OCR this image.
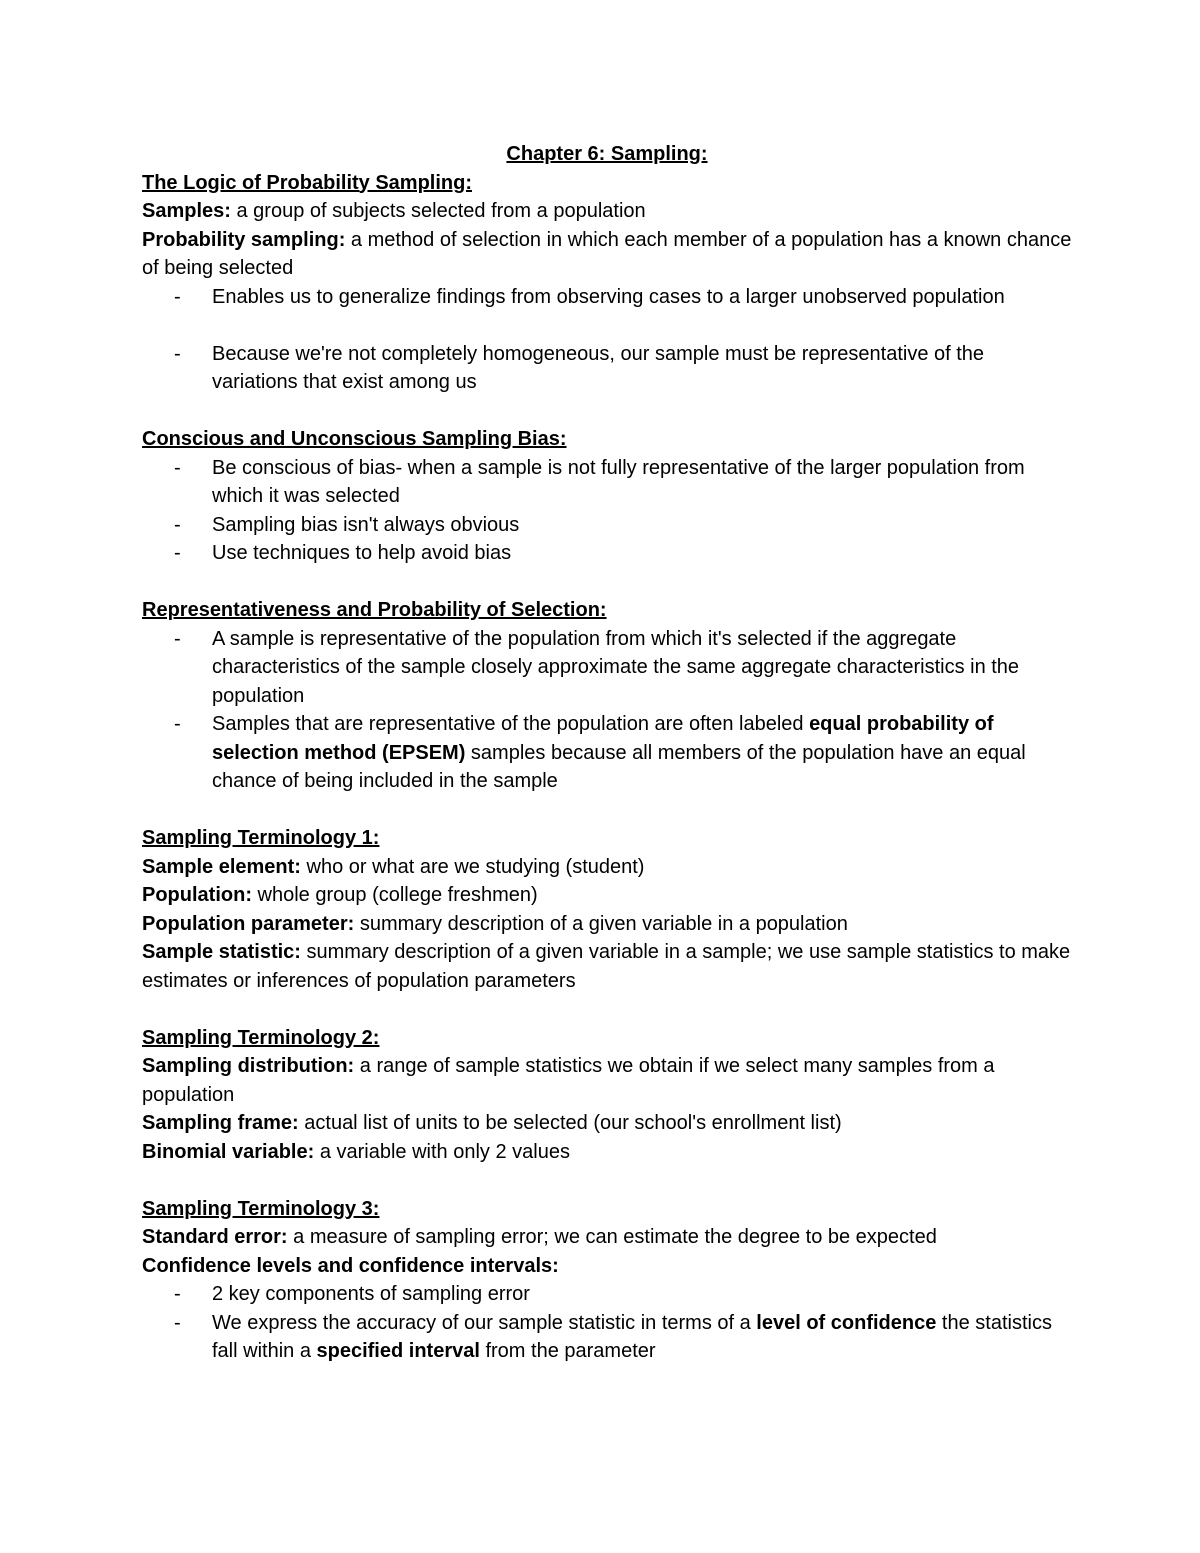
Chapter 6: Sampling:
The Logic of Probability Sampling:

Samples: a group of subjects selected from a population

Probability sampling: a method of selection in which each member of a population has a known chance of being selected

- Enables us to generalize findings from observing cases to a larger unobserved population
- Because we're not completely homogeneous, our sample must be representative of the variations that exist among us
Conscious and Unconscious Sampling Bias:
- Be conscious of bias- when a sample is not fully representative of the larger population from which it was selected
- Sampling bias isn't always obvious
- Use techniques to help avoid bias
Representativeness and Probability of Selection:
- A sample is representative of the population from which it's selected if the aggregate characteristics of the sample closely approximate the same aggregate characteristics in the population
- Samples that are representative of the population are often labeled equal probability of selection method (EPSEM) samples because all members of the population have an equal chance of being included in the sample
Sampling Terminology 1:

Sample element: who or what are we studying (student)

Population: whole group (college freshmen)

Population parameter: summary description of a given variable in a population

Sample statistic: summary description of a given variable in a sample; we use sample statistics to make estimates or inferences of population parameters

Sampling Terminology 2:

Sampling distribution: a range of sample statistics we obtain if we select many samples from a population

Sampling frame: actual list of units to be selected (our school's enrollment list)

Binomial variable: a variable with only 2 values

Sampling Terminology 3:

Standard error: a measure of sampling error; we can estimate the degree to be expected

Confidence levels and confidence intervals:

- 2 key components of sampling error
- We express the accuracy of our sample statistic in terms of a level of confidence the statistics fall within a specified interval from the parameter
